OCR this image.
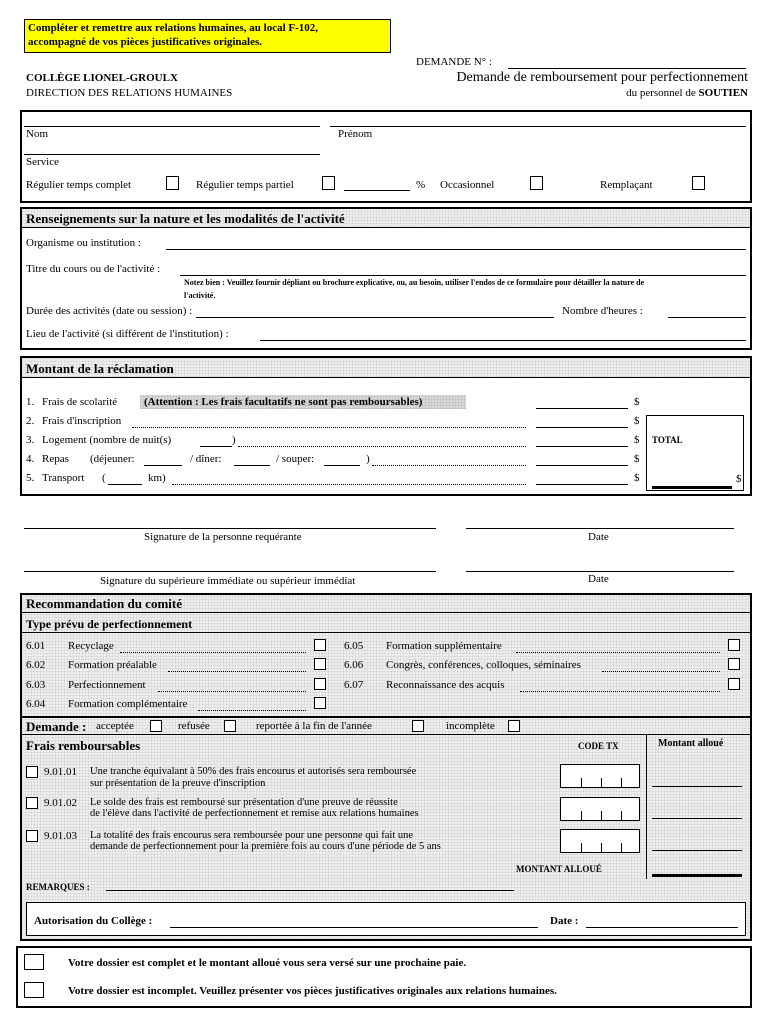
Compléter et remettre aux relations humaines, au local F-102,
accompagné de vos pièces justificatives originales.
DEMANDE N° :
COLLÈGE LIONEL-GROULX
DIRECTION DES RELATIONS HUMAINES
Demande de remboursement pour perfectionnement
du personnel de SOUTIEN
Nom	Prénom
Service
Régulier temps complet	Régulier temps partiel	% Occasionnel	Remplaçant
Renseignements sur la nature et les modalités de l'activité
Organisme ou institution :
Titre du cours ou de l'activité :
Notez bien : Veuillez fournir dépliant ou brochure explicative, ou, au besoin, utiliser l'endos de ce formulaire pour détailler la nature de
l'activité.
Durée des activités (date ou session) :	Nombre d'heures :
Lieu de l'activité (si différent de l'institution) :
Montant de la réclamation
1. Frais de scolarité (Attention : Les frais facultatifs ne sont pas remboursables)	$
2. Frais d'inscription	$
3. Logement (nombre de nuit(s)	)	$
4. Repas (déjeuner:	/ dîner:	/ souper:	)	$
5. Transport (	km)	$
TOTAL
$
Signature de la personne requérante	Date
Signature du supérieure immédiate ou supérieur immédiat	Date
Recommandation du comité
Type prévu de perfectionnement
6.01 Recyclage
6.02 Formation préalable
6.03 Perfectionnement
6.04 Formation complémentaire
6.05 Formation supplémentaire
6.06 Congrès, conférences, colloques, séminaires
6.07 Reconnaissance des acquis
Demande : acceptée	refusée	reportée à la fin de l'année	incomplète
Frais remboursables	CODE TX	Montant alloué
9.01.01 Une tranche équivalant à 50% des frais encourus et autorisés sera remboursée
sur présentation de la preuve d'inscription
9.01.02 Le solde des frais est remboursé sur présentation d'une preuve de réussite
de l'élève dans l'activité de perfectionnement et remise aux relations humaines
9.01.03 La totalité des frais encourus sera remboursée pour une personne qui fait une
demande de perfectionnement pour la première fois au cours d'une période de 5 ans
MONTANT ALLOUÉ
REMARQUES :
Autorisation du Collège :	Date :
Votre dossier est complet et le montant alloué vous sera versé sur une prochaine paie.
Votre dossier est incomplet. Veuillez présenter vos pièces justificatives originales aux relations humaines.
